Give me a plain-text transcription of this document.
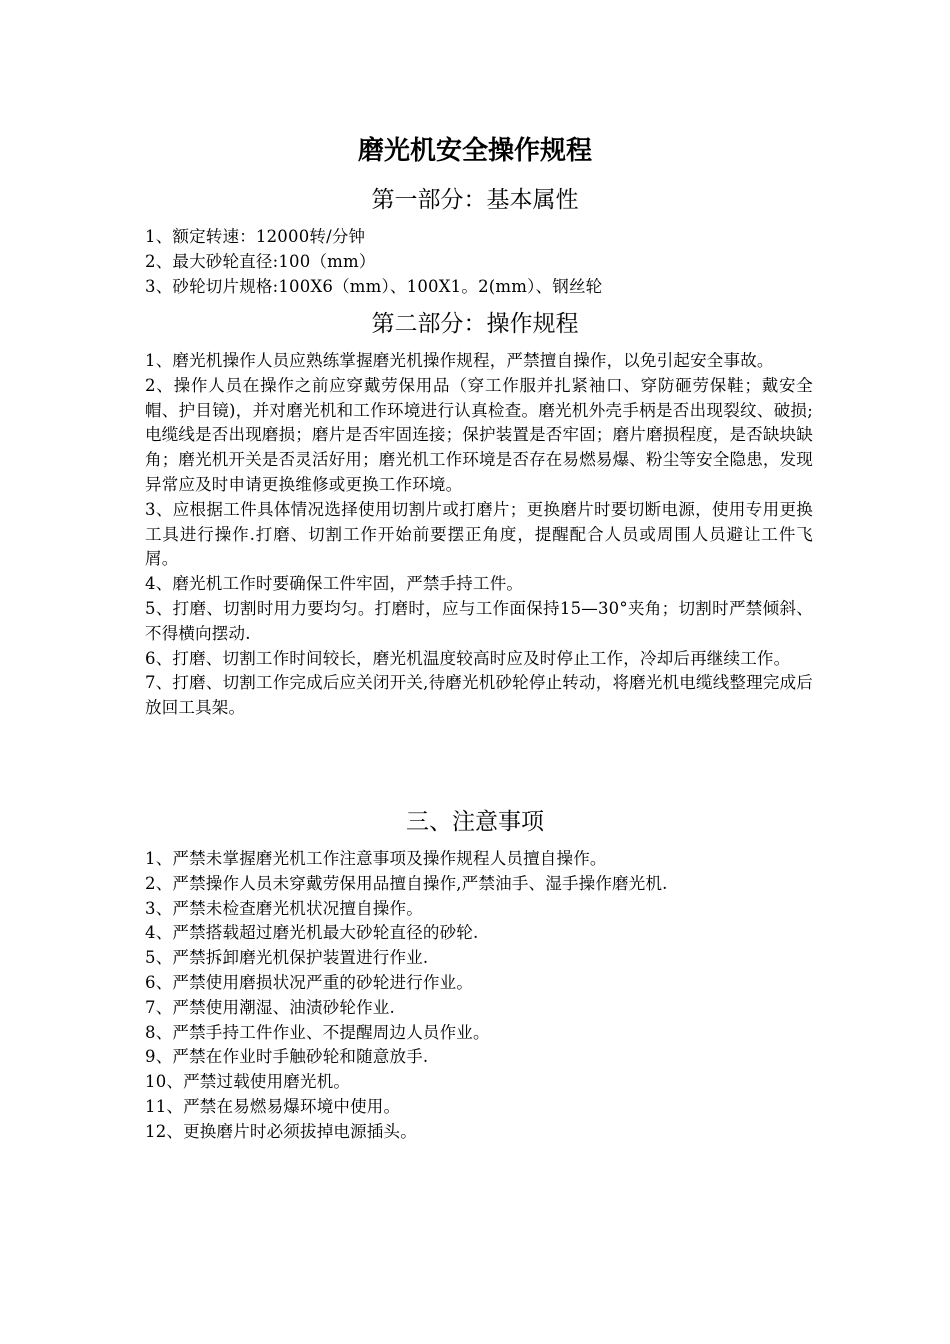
磨光机安全操作规程
第一部分：基本属性

1、额定转速：12000转/分钟

2、最大砂轮直径:100（mm）

3、砂轮切片规格:100X6（mm）、100X1。2(mm）、钢丝轮

第二部分：操作规程

1、磨光机操作人员应熟练掌握磨光机操作规程，严禁擅自操作，以免引起安全事故。

2、操作人员在操作之前应穿戴劳保用品（穿工作服并扎紧袖口、穿防砸劳保鞋；戴安全帽、护目镜)，并对磨光机和工作环境进行认真检查。磨光机外壳手柄是否出现裂纹、破损;电缆线是否出现磨损；磨片是否牢固连接；保护装置是否牢固；磨片磨损程度，是否缺块缺角；磨光机开关是否灵活好用；磨光机工作环境是否存在易燃易爆、粉尘等安全隐患，发现异常应及时申请更换维修或更换工作环境。

3、应根据工件具体情况选择使用切割片或打磨片；更换磨片时要切断电源，使用专用更换工具进行操作.打磨、切割工作开始前要摆正角度，提醒配合人员或周围人员避让工件飞屑。

4、磨光机工作时要确保工件牢固，严禁手持工件。

5、打磨、切割时用力要均匀。打磨时，应与工作面保持15—30°夹角；切割时严禁倾斜、不得横向摆动.

6、打磨、切割工作时间较长，磨光机温度较高时应及时停止工作，冷却后再继续工作。

7、打磨、切割工作完成后应关闭开关,待磨光机砂轮停止转动，将磨光机电缆线整理完成后放回工具架。

三、注意事项

1、严禁未掌握磨光机工作注意事项及操作规程人员擅自操作。

2、严禁操作人员未穿戴劳保用品擅自操作,严禁油手、湿手操作磨光机.

3、严禁未检查磨光机状况擅自操作。

4、严禁搭载超过磨光机最大砂轮直径的砂轮.

5、严禁拆卸磨光机保护装置进行作业.

6、严禁使用磨损状况严重的砂轮进行作业。

7、严禁使用潮湿、油渍砂轮作业.

8、严禁手持工件作业、不提醒周边人员作业。

9、严禁在作业时手触砂轮和随意放手.

10、严禁过载使用磨光机。

11、严禁在易燃易爆环境中使用。

12、更换磨片时必须拔掉电源插头。
